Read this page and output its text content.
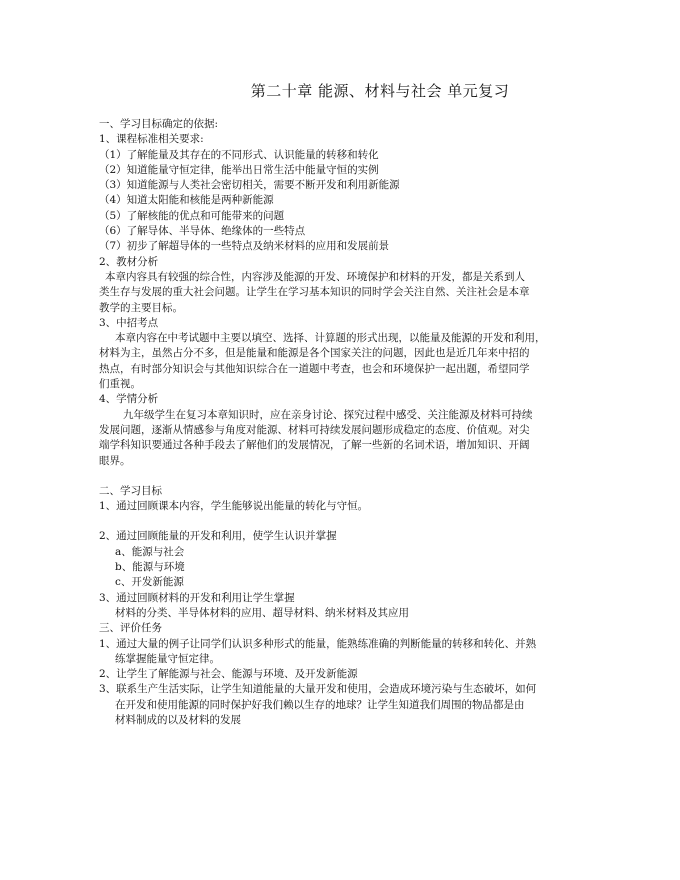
第二十章 能源、材料与社会 单元复习
一、学习目标确定的依据:
1、课程标准相关要求:
（1）了解能量及其存在的不同形式、认识能量的转移和转化
（2）知道能量守恒定律，能举出日常生活中能量守恒的实例
（3）知道能源与人类社会密切相关，需要不断开发和利用新能源
（4）知道太阳能和核能是两种新能源
（5）了解核能的优点和可能带来的问题
（6）了解导体、半导体、绝缘体的一些特点
（7）初步了解超导体的一些特点及纳米材料的应用和发展前景
2、教材分析
本章内容具有较强的综合性，内容涉及能源的开发、环境保护和材料的开发，都是关系到人
类生存与发展的重大社会问题。让学生在学习基本知识的同时学会关注自然、关注社会是本章
教学的主要目标。
3、中招考点
本章内容在中考试题中主要以填空、选择、计算题的形式出现，以能量及能源的开发和利用，
材料为主，虽然占分不多，但是能量和能源是各个国家关注的问题，因此也是近几年来中招的
热点，有时部分知识会与其他知识综合在一道题中考查，也会和环境保护一起出题，希望同学
们重视。
4、学情分析
九年级学生在复习本章知识时，应在亲身讨论、探究过程中感受、关注能源及材料可持续
发展问题，逐渐从情感参与角度对能源、材料可持续发展问题形成稳定的态度、价值观。对尖
端学科知识要通过各种手段去了解他们的发展情况，了解一些新的名词术语，增加知识、开阔
眼界。
二、学习目标
1、通过回顾课本内容，学生能够说出能量的转化与守恒。
2、通过回顾能量的开发和利用，使学生认识并掌握
a、能源与社会
b、能源与环境
c、开发新能源
3、通过回顾材料的开发和利用让学生掌握
材料的分类、半导体材料的应用、超导材料、纳米材料及其应用
三、评价任务
1、通过大量的例子让同学们认识多种形式的能量，能熟练准确的判断能量的转移和转化、并熟
练掌握能量守恒定律。
2、让学生了解能源与社会、能源与环境、及开发新能源
3、联系生产生活实际，让学生知道能量的大量开发和使用，会造成环境污染与生态破坏，如何
在开发和使用能源的同时保护好我们赖以生存的地球？让学生知道我们周围的物品都是由
材料制成的以及材料的发展
